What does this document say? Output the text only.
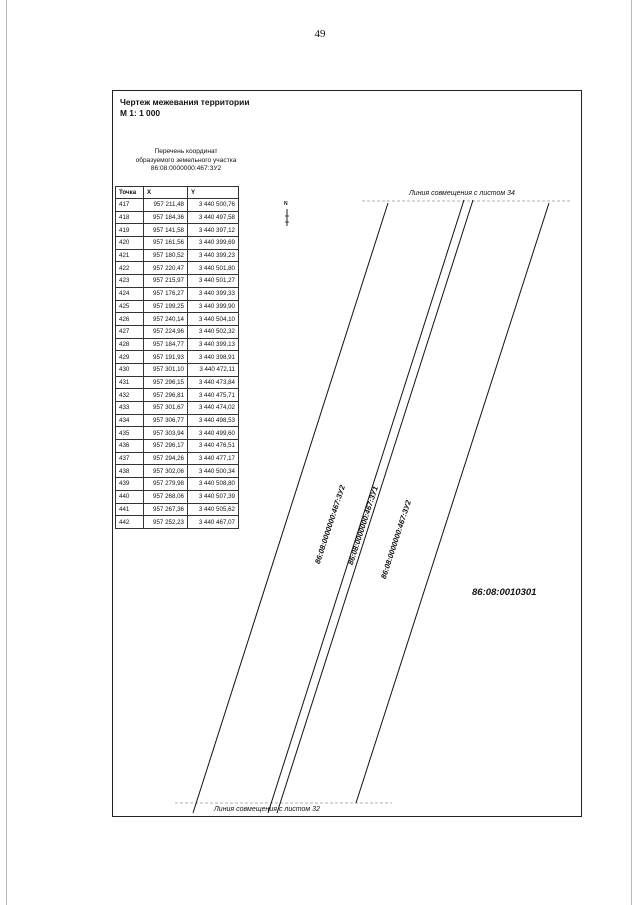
49
Чертеж межевания территории
М 1: 1 000
Перечень координат
образуемого земельного участка
86:08:0000000:467:ЗУ2
Точка	X	Y
417	957 211,48	3 440 500,76
418	957 184,36	3 440 497,58
419	957 141,58	3 440 397,12
420	957 161,56	3 440 399,69
421	957 180,52	3 440 399,23
422	957 220,47	3 440 501,80
423	957 215,97	3 440 501,27
424	957 176,27	3 440 399,33
425	957 199,25	3 440 399,90
426	957 240,14	3 440 504,10
427	957 224,96	3 440 502,32
428	957 184,77	3 440 399,13
429	957 191,93	3 440 398,91
430	957 301,10	3 440 472,11
431	957 296,15	3 440 473,84
432	957 296,81	3 440 475,71
433	957 301,67	3 440 474,02
434	957 306,77	3 440 498,53
435	957 303,94	3 440 499,60
436	957 296,17	3 440 476,51
437	957 294,26	3 440 477,17
438	957 302,06	3 440 500,34
439	957 279,98	3 440 508,80
440	957 268,06	3 440 507,39
441	957 267,36	3 440 505,62
442	957 252,23	3 440 467,07
N
Линия совмещения с листом 34
Линия совмещения с листом 32
86:08:0000000:467:ЗУ2 86:08:0000000:467:ЗУ1 86:08:0000000:467:ЗУ2
86:08:0010301
